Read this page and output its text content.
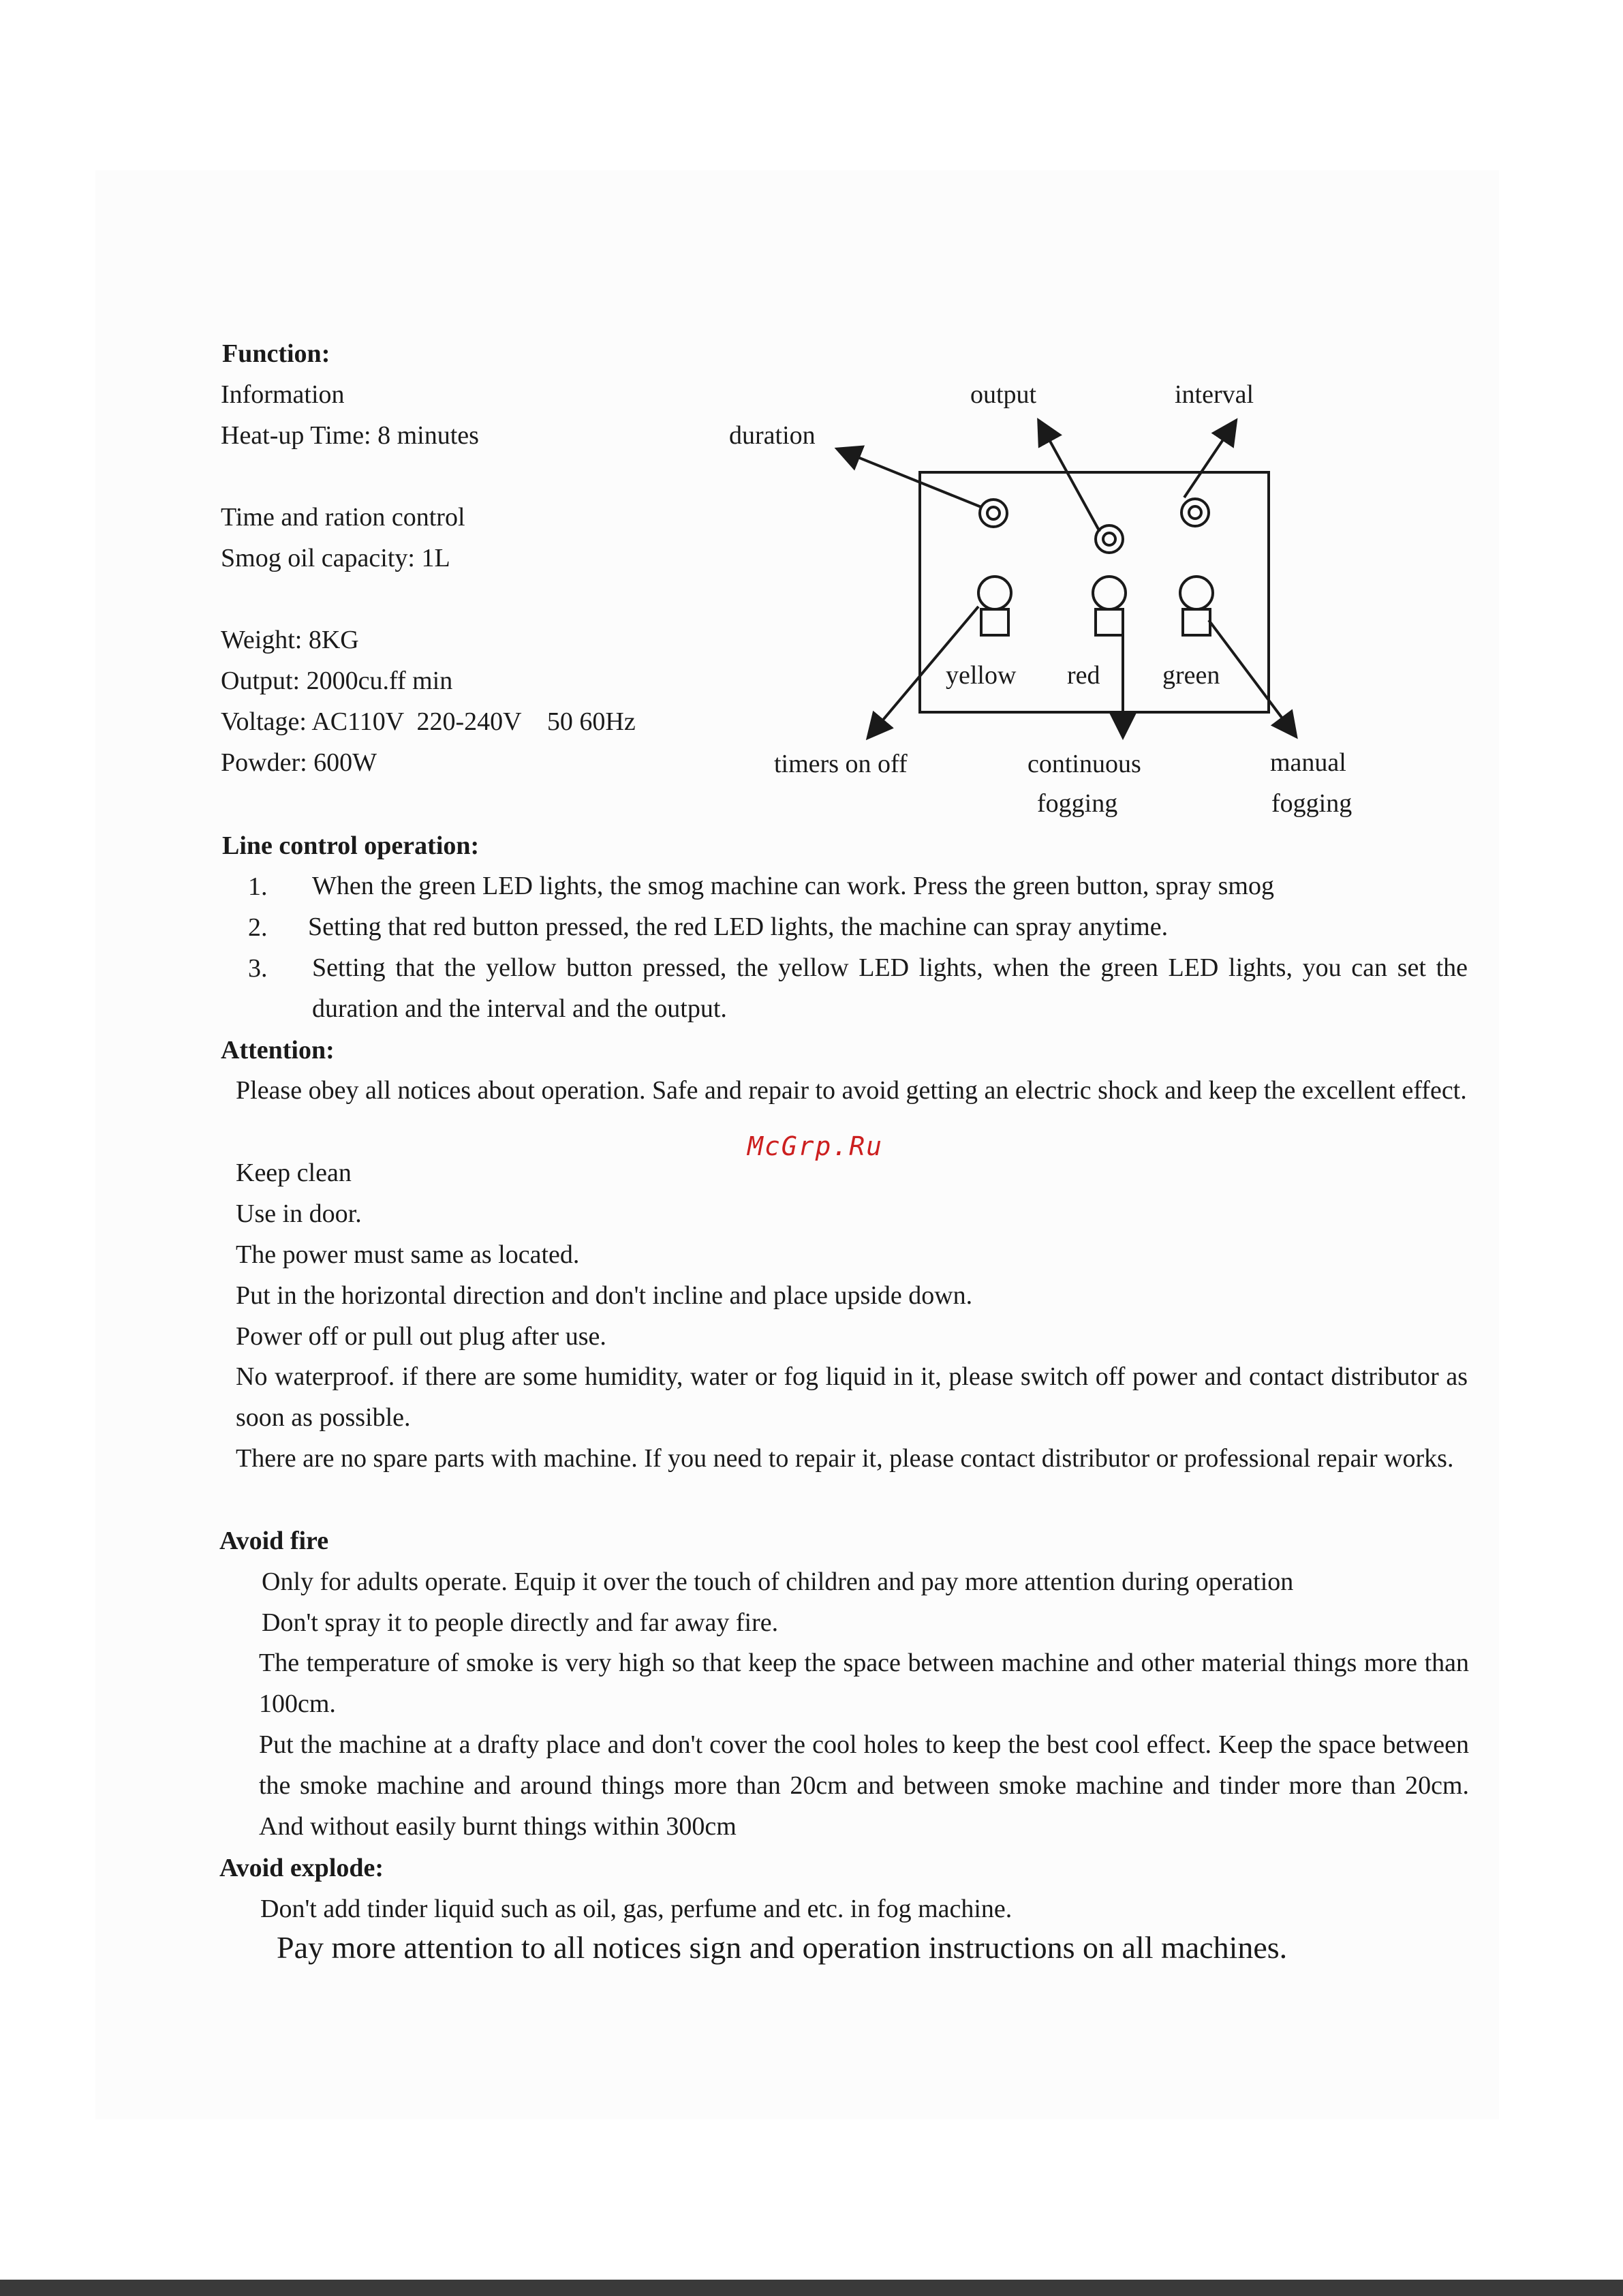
Function:
Information
Heat-up Time: 8 minutes
Time and ration control
Smog oil capacity: 1L
Weight: 8KG
Output: 2000cu.ff min
Voltage: AC110V  220-240V    50 60Hz
Powder: 600W
output	interval
duration
yellow red green
timers on off	continuous
fogging
manual
fogging
Line control operation:
1. When the green LED lights, the smog machine can work. Press the green button, spray smog
2. Setting that red button pressed, the red LED lights, the machine can spray anytime.
3. Setting that the yellow button pressed, the yellow LED lights, when the green LED lights, you can set the duration and the interval and the output.
Attention:
Please obey all notices about operation. Safe and repair to avoid getting an electric shock and keep the excellent effect.
Keep clean
Use in door.
The power must same as located.
Put in the horizontal direction and don't incline and place upside down.
Power off or pull out plug after use.
No waterproof. if there are some humidity, water or fog liquid in it, please switch off power and contact distributor as soon as possible.
There are no spare parts with machine. If you need to repair it, please contact distributor or professional repair works.
McGrp.Ru
Avoid fire
Only for adults operate. Equip it over the touch of children and pay more attention during operation
Don't spray it to people directly and far away fire.
The temperature of smoke is very high so that keep the space between machine and other material things more than 100cm.
Put the machine at a drafty place and don't cover the cool holes to keep the best cool effect. Keep the space between the smoke machine and around things more than 20cm and between smoke machine and tinder more than 20cm. And without easily burnt things within 300cm
Avoid explode:
Don't add tinder liquid such as oil, gas, perfume and etc. in fog machine.
Pay more attention to all notices sign and operation instructions on all machines.
